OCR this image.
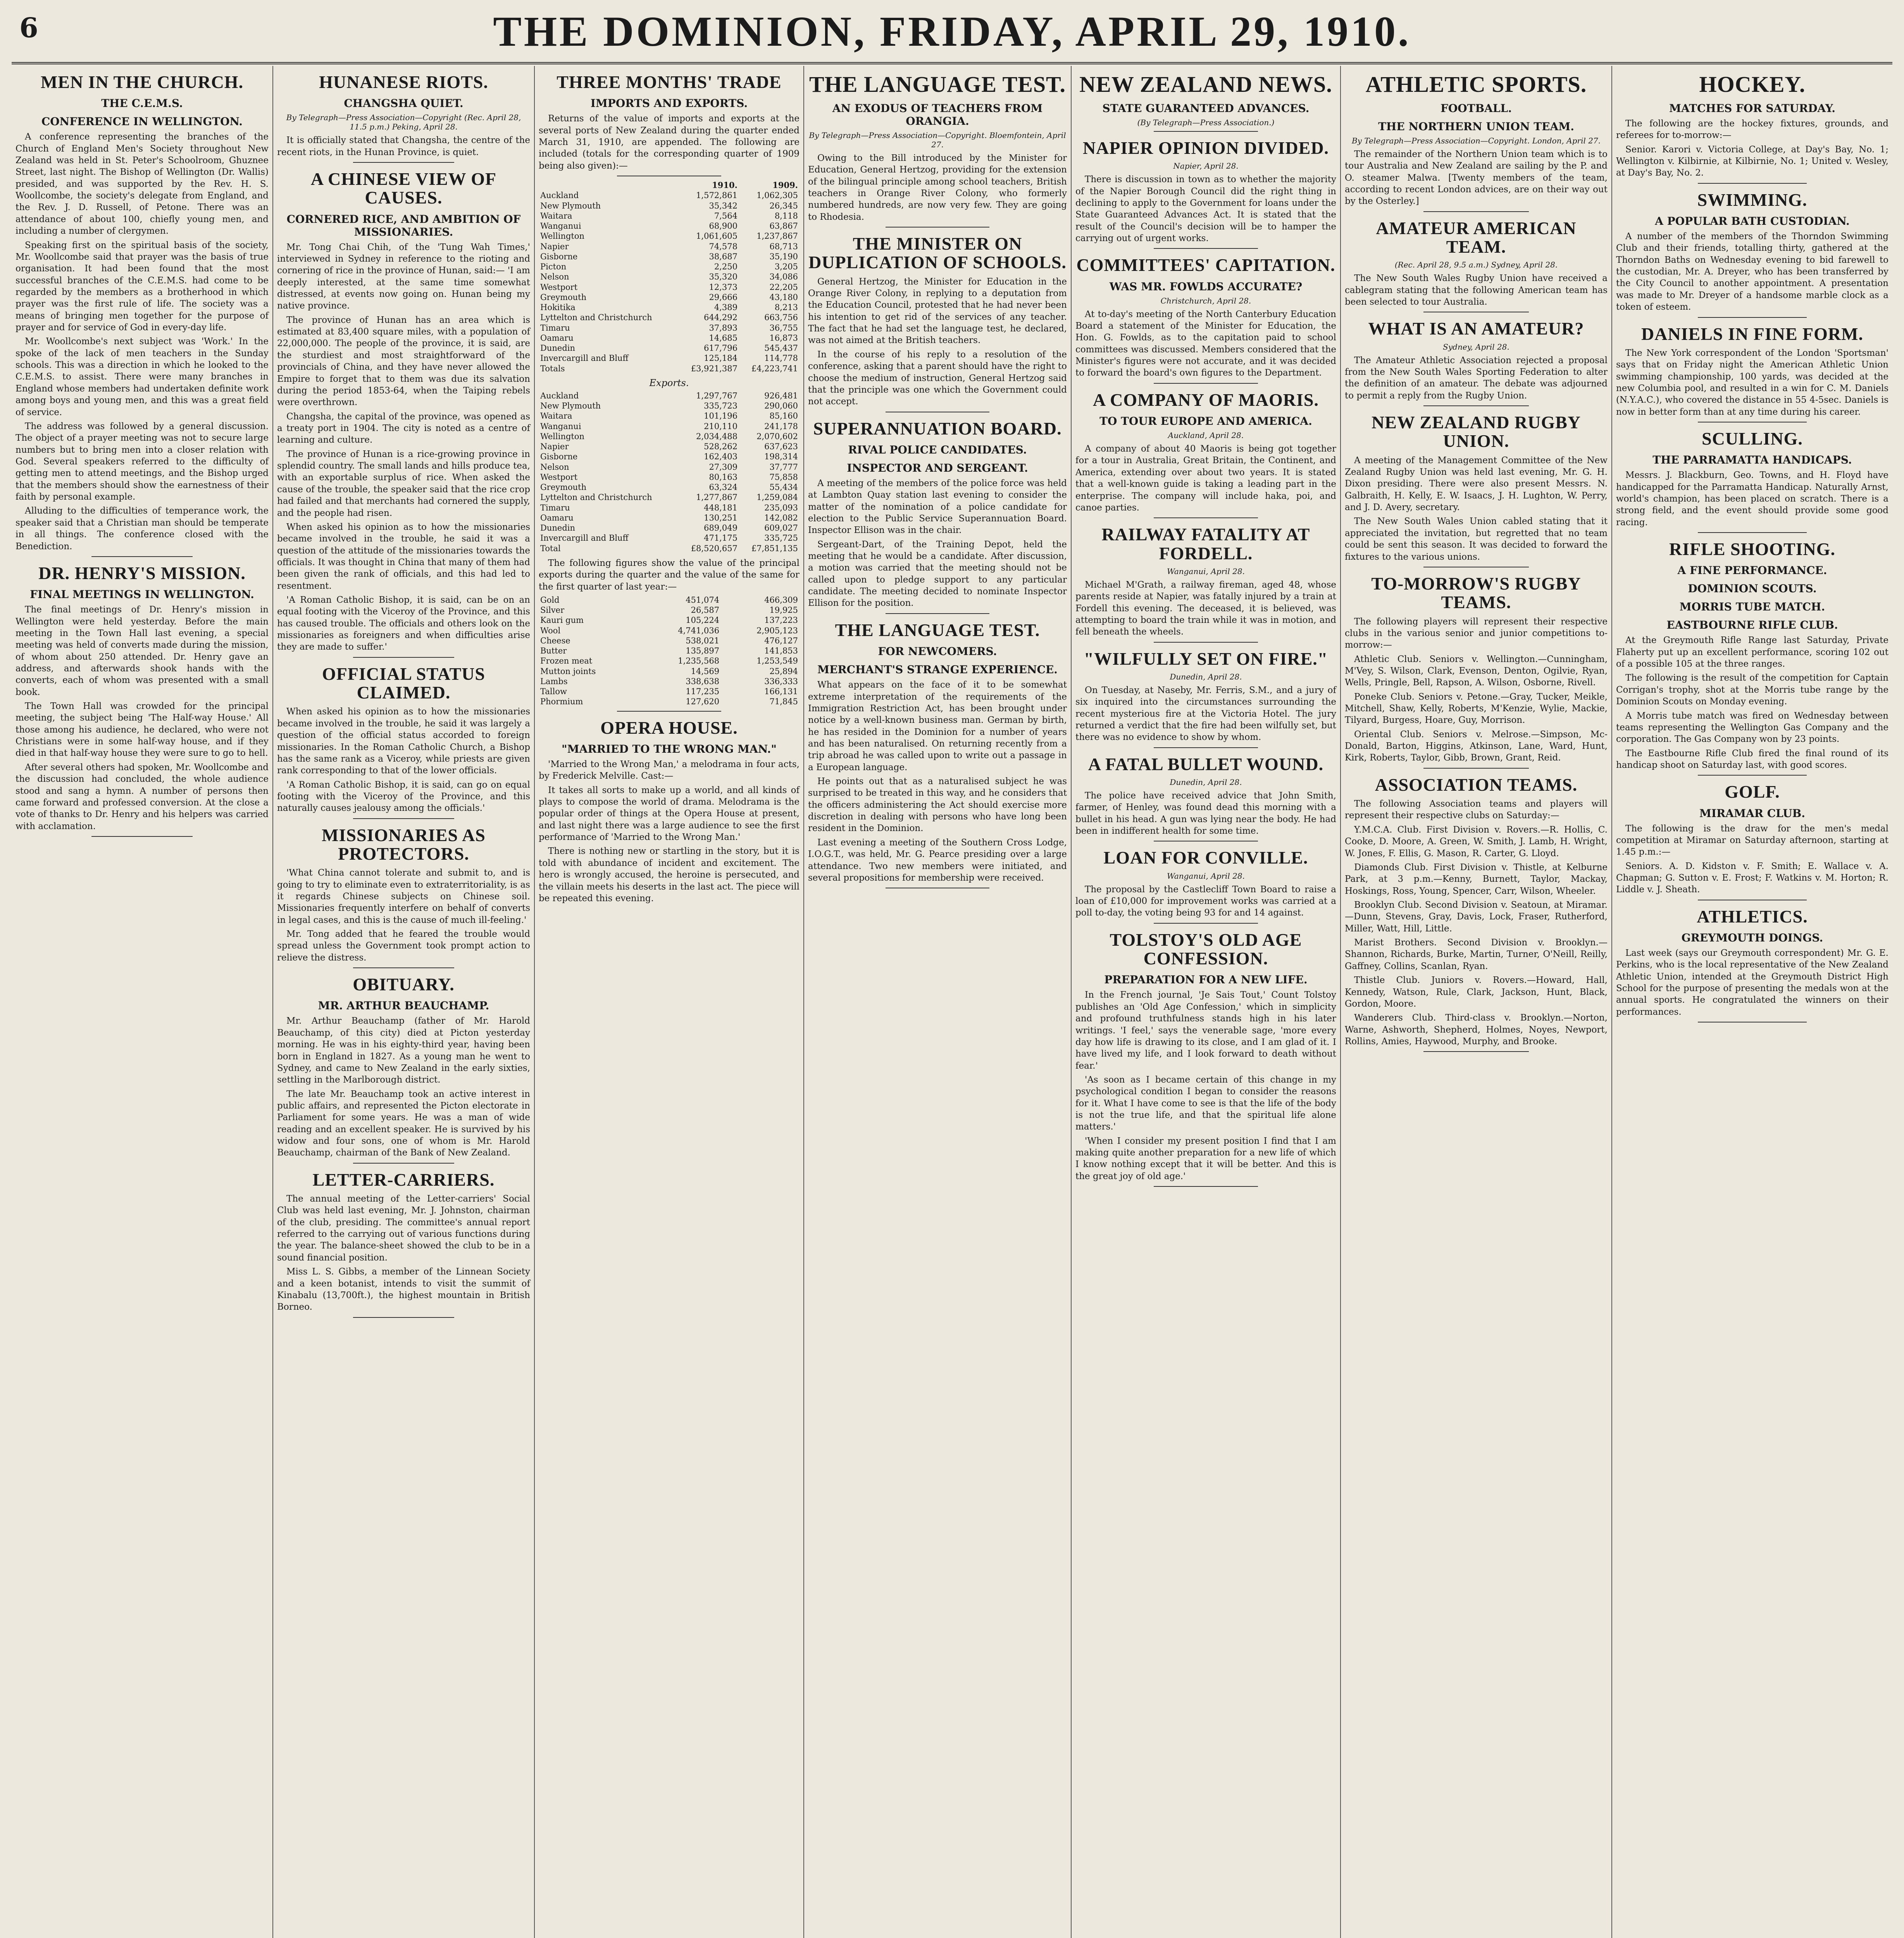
6	THE DOMINION, FRIDAY, APRIL 29, 1910.
MEN IN THE CHURCH.
THE C.E.M.S.
CONFERENCE IN WELLINGTON.

A conference representing the branches of the Church of England Men's Society throughout New Zealand was held in St. Peter's Schoolroom, Ghuznee Street, last night. The Bishop of Wellington (Dr. Wallis) presided, and was supported by the Rev. H. S. Woollcombe, the society's delegate from England, and the Rev. J. D. Russell, of Petone. There was an attendance of about 100, chiefly young men, and including a number of clergymen.

Speaking first on the spiritual basis of the society, Mr. Woollcombe said that prayer was the basis of true organisation. It had been found that the most successful branches of the C.E.M.S. had come to be regarded by the members as a brotherhood in which prayer was the first rule of life. The society was a means of bringing men together for the purpose of prayer and for service of God in every-day life.

Mr. Woollcombe's next subject was 'Work.' In the spoke of the lack of men teachers in the Sunday schools. This was a direction in which he looked to the C.E.M.S. to assist. There were many branches in England whose members had undertaken definite work among boys and young men, and this was a great field of service.

The address was followed by a general discussion. The object of a prayer meeting was not to secure large numbers but to bring men into a closer relation with God. Several speakers referred to the difficulty of getting men to attend meetings, and the Bishop urged that the members should show the earnestness of their faith by personal example.

Alluding to the difficulties of temperance work, the speaker said that a Christian man should be temperate in all things. The conference closed with the Benediction.

DR. HENRY'S MISSION.
FINAL MEETINGS IN WELLINGTON.

The final meetings of Dr. Henry's mission in Wellington were held yesterday. Before the main meeting in the Town Hall last evening, a special meeting was held of converts made during the mission, of whom about 250 attended. Dr. Henry gave an address, and afterwards shook hands with the converts, each of whom was presented with a small book.

The Town Hall was crowded for the principal meeting, the subject being 'The Half-way House.' All those among his audience, he declared, who were not Christians were in some half-way house, and if they died in that half-way house they were sure to go to hell.

After several others had spoken, Mr. Woollcombe and the discussion had concluded, the whole audience stood and sang a hymn. A number of persons then came forward and professed conversion. At the close a vote of thanks to Dr. Henry and his helpers was carried with acclamation.

HUNANESE RIOTS.
CHANGSHA QUIET.
By Telegraph—Press Association—Copyright (Rec. April 28, 11.5 p.m.) Peking, April 28.

It is officially stated that Changsha, the centre of the recent riots, in the Hunan Province, is quiet.

A CHINESE VIEW OF CAUSES.
CORNERED RICE, AND AMBITION OF MISSIONARIES.

Mr. Tong Chai Chih, of the 'Tung Wah Times,' interviewed in Sydney in reference to the rioting and cornering of rice in the province of Hunan, said:— 'I am deeply interested, at the same time somewhat distressed, at events now going on. Hunan being my native province.

The province of Hunan has an area which is estimated at 83,400 square miles, with a population of 22,000,000. The people of the province, it is said, are the sturdiest and most straightforward of the provincials of China, and they have never allowed the Empire to forget that to them was due its salvation during the period 1853-64, when the Taiping rebels were overthrown.

Changsha, the capital of the province, was opened as a treaty port in 1904. The city is noted as a centre of learning and culture.

The province of Hunan is a rice-growing province in splendid country. The small lands and hills produce tea, with an exportable surplus of rice. When asked the cause of the trouble, the speaker said that the rice crop had failed and that merchants had cornered the supply, and the people had risen.

When asked his opinion as to how the missionaries became involved in the trouble, he said it was a question of the attitude of the missionaries towards the officials. It was thought in China that many of them had been given the rank of officials, and this had led to resentment.

'A Roman Catholic Bishop, it is said, can be on an equal footing with the Viceroy of the Province, and this has caused trouble. The officials and others look on the missionaries as foreigners and when difficulties arise they are made to suffer.'

OFFICIAL STATUS CLAIMED.

When asked his opinion as to how the missionaries became involved in the trouble, he said it was largely a question of the official status accorded to foreign missionaries. In the Roman Catholic Church, a Bishop has the same rank as a Viceroy, while priests are given rank corresponding to that of the lower officials.

'A Roman Catholic Bishop, it is said, can go on equal footing with the Viceroy of the Province, and this naturally causes jealousy among the officials.'

MISSIONARIES AS PROTECTORS.

'What China cannot tolerate and submit to, and is going to try to eliminate even to extraterritoriality, is as it regards Chinese subjects on Chinese soil. Missionaries frequently interfere on behalf of converts in legal cases, and this is the cause of much ill-feeling.'

Mr. Tong added that he feared the trouble would spread unless the Government took prompt action to relieve the distress.

OBITUARY.
MR. ARTHUR BEAUCHAMP.

Mr. Arthur Beauchamp (father of Mr. Harold Beauchamp, of this city) died at Picton yesterday morning. He was in his eighty-third year, having been born in England in 1827. As a young man he went to Sydney, and came to New Zealand in the early sixties, settling in the Marlborough district.

The late Mr. Beauchamp took an active interest in public affairs, and represented the Picton electorate in Parliament for some years. He was a man of wide reading and an excellent speaker. He is survived by his widow and four sons, one of whom is Mr. Harold Beauchamp, chairman of the Bank of New Zealand.

LETTER-CARRIERS.

The annual meeting of the Letter-carriers' Social Club was held last evening, Mr. J. Johnston, chairman of the club, presiding. The committee's annual report referred to the carrying out of various functions during the year. The balance-sheet showed the club to be in a sound financial position.

Miss L. S. Gibbs, a member of the Linnean Society and a keen botanist, intends to visit the summit of Kinabalu (13,700ft.), the highest mountain in British Borneo.

THREE MONTHS' TRADE
IMPORTS AND EXPORTS.

Returns of the value of imports and exports at the several ports of New Zealand during the quarter ended March 31, 1910, are appended. The following are included (totals for the corresponding quarter of 1909 being also given):—

	1910.	1909.
Auckland	1,572,861	1,062,305
New Plymouth	35,342	26,345
Waitara	7,564	8,118
Wanganui	68,900	63,867
Wellington	1,061,605	1,237,867
Napier	74,578	68,713
Gisborne	38,687	35,190
Picton	2,250	3,205
Nelson	35,320	34,086
Westport	12,373	22,205
Greymouth	29,666	43,180
Hokitika	4,389	8,213
Lyttelton and Christchurch	644,292	663,756
Timaru	37,893	36,755
Oamaru	14,685	16,873
Dunedin	617,796	545,437
Invercargill and Bluff	125,184	114,778
Totals	£3,921,387	£4,223,741
Exports.
Auckland	1,297,767	926,481
New Plymouth	335,723	290,060
Waitara	101,196	85,160
Wanganui	210,110	241,178
Wellington	2,034,488	2,070,602
Napier	528,262	637,623
Gisborne	162,403	198,314
Nelson	27,309	37,777
Westport	80,163	75,858
Greymouth	63,324	55,434
Lyttelton and Christchurch	1,277,867	1,259,084
Timaru	448,181	235,093
Oamaru	130,251	142,082
Dunedin	689,049	609,027
Invercargill and Bluff	471,175	335,725
Total	£8,520,657	£7,851,135

The following figures show the value of the principal exports during the quarter and the value of the same for the first quarter of last year:—

Gold	451,074	466,309
Silver	26,587	19,925
Kauri gum	105,224	137,223
Wool	4,741,036	2,905,123
Cheese	538,021	476,127
Butter	135,897	141,853
Frozen meat	1,235,568	1,253,549
Mutton joints	14,569	25,894
Lambs	338,638	336,333
Tallow	117,235	166,131
Phormium	127,620	71,845
OPERA HOUSE.
"MARRIED TO THE WRONG MAN."

'Married to the Wrong Man,' a melodrama in four acts, by Frederick Melville. Cast:—

It takes all sorts to make up a world, and all kinds of plays to compose the world of drama. Melodrama is the popular order of things at the Opera House at present, and last night there was a large audience to see the first performance of 'Married to the Wrong Man.'

There is nothing new or startling in the story, but it is told with abundance of incident and excitement. The hero is wrongly accused, the heroine is persecuted, and the villain meets his deserts in the last act. The piece will be repeated this evening.

THE LANGUAGE TEST.
AN EXODUS OF TEACHERS FROM ORANGIA.
By Telegraph—Press Association—Copyright. Bloemfontein, April 27.

Owing to the Bill introduced by the Minister for Education, General Hertzog, providing for the extension of the bilingual principle among school teachers, British teachers in Orange River Colony, who formerly numbered hundreds, are now very few. They are going to Rhodesia.

THE MINISTER ON DUPLICATION OF SCHOOLS.

General Hertzog, the Minister for Education in the Orange River Colony, in replying to a deputation from the Education Council, protested that he had never been his intention to get rid of the services of any teacher. The fact that he had set the language test, he declared, was not aimed at the British teachers.

In the course of his reply to a resolution of the conference, asking that a parent should have the right to choose the medium of instruction, General Hertzog said that the principle was one which the Government could not accept.

SUPERANNUATION BOARD.
RIVAL POLICE CANDIDATES.
INSPECTOR AND SERGEANT.

A meeting of the members of the police force was held at Lambton Quay station last evening to consider the matter of the nomination of a police candidate for election to the Public Service Superannuation Board. Inspector Ellison was in the chair.

Sergeant-Dart, of the Training Depot, held the meeting that he would be a candidate. After discussion, a motion was carried that the meeting should not be called upon to pledge support to any particular candidate. The meeting decided to nominate Inspector Ellison for the position.

THE LANGUAGE TEST.
FOR NEWCOMERS.
MERCHANT'S STRANGE EXPERIENCE.

What appears on the face of it to be somewhat extreme interpretation of the requirements of the Immigration Restriction Act, has been brought under notice by a well-known business man. German by birth, he has resided in the Dominion for a number of years and has been naturalised. On returning recently from a trip abroad he was called upon to write out a passage in a European language.

He points out that as a naturalised subject he was surprised to be treated in this way, and he considers that the officers administering the Act should exercise more discretion in dealing with persons who have long been resident in the Dominion.

Last evening a meeting of the Southern Cross Lodge, I.O.G.T., was held, Mr. G. Pearce presiding over a large attendance. Two new members were initiated, and several propositions for membership were received.

NEW ZEALAND NEWS.
STATE GUARANTEED ADVANCES.
(By Telegraph—Press Association.)
NAPIER OPINION DIVIDED.
Napier, April 28.

There is discussion in town as to whether the majority of the Napier Borough Council did the right thing in declining to apply to the Government for loans under the State Guaranteed Advances Act. It is stated that the result of the Council's decision will be to hamper the carrying out of urgent works.

COMMITTEES' CAPITATION.
WAS MR. FOWLDS ACCURATE?
Christchurch, April 28.

At to-day's meeting of the North Canterbury Education Board a statement of the Minister for Education, the Hon. G. Fowlds, as to the capitation paid to school committees was discussed. Members considered that the Minister's figures were not accurate, and it was decided to forward the board's own figures to the Department.

A COMPANY OF MAORIS.
TO TOUR EUROPE AND AMERICA.
Auckland, April 28.

A company of about 40 Maoris is being got together for a tour in Australia, Great Britain, the Continent, and America, extending over about two years. It is stated that a well-known guide is taking a leading part in the enterprise. The company will include haka, poi, and canoe parties.

RAILWAY FATALITY AT FORDELL.
Wanganui, April 28.

Michael M'Grath, a railway fireman, aged 48, whose parents reside at Napier, was fatally injured by a train at Fordell this evening. The deceased, it is believed, was attempting to board the train while it was in motion, and fell beneath the wheels.

"WILFULLY SET ON FIRE."
Dunedin, April 28.

On Tuesday, at Naseby, Mr. Ferris, S.M., and a jury of six inquired into the circumstances surrounding the recent mysterious fire at the Victoria Hotel. The jury returned a verdict that the fire had been wilfully set, but there was no evidence to show by whom.

A FATAL BULLET WOUND.
Dunedin, April 28.

The police have received advice that John Smith, farmer, of Henley, was found dead this morning with a bullet in his head. A gun was lying near the body. He had been in indifferent health for some time.

LOAN FOR CONVILLE.
Wanganui, April 28.

The proposal by the Castlecliff Town Board to raise a loan of £10,000 for improvement works was carried at a poll to-day, the voting being 93 for and 14 against.

TOLSTOY'S OLD AGE CONFESSION.
PREPARATION FOR A NEW LIFE.

In the French journal, 'Je Sais Tout,' Count Tolstoy publishes an 'Old Age Confession,' which in simplicity and profound truthfulness stands high in his later writings. 'I feel,' says the venerable sage, 'more every day how life is drawing to its close, and I am glad of it. I have lived my life, and I look forward to death without fear.'

'As soon as I became certain of this change in my psychological condition I began to consider the reasons for it. What I have come to see is that the life of the body is not the true life, and that the spiritual life alone matters.'

'When I consider my present position I find that I am making quite another preparation for a new life of which I know nothing except that it will be better. And this is the great joy of old age.'

ATHLETIC SPORTS.
FOOTBALL.
THE NORTHERN UNION TEAM.
By Telegraph—Press Association—Copyright. London, April 27.

The remainder of the Northern Union team which is to tour Australia and New Zealand are sailing by the P. and O. steamer Malwa. [Twenty members of the team, according to recent London advices, are on their way out by the Osterley.]

AMATEUR AMERICAN TEAM.
(Rec. April 28, 9.5 a.m.) Sydney, April 28.

The New South Wales Rugby Union have received a cablegram stating that the following American team has been selected to tour Australia.

WHAT IS AN AMATEUR?
Sydney, April 28.

The Amateur Athletic Association rejected a proposal from the New South Wales Sporting Federation to alter the definition of an amateur. The debate was adjourned to permit a reply from the Rugby Union.

NEW ZEALAND RUGBY UNION.

A meeting of the Management Committee of the New Zealand Rugby Union was held last evening, Mr. G. H. Dixon presiding. There were also present Messrs. N. Galbraith, H. Kelly, E. W. Isaacs, J. H. Lughton, W. Perry, and J. D. Avery, secretary.

The New South Wales Union cabled stating that it appreciated the invitation, but regretted that no team could be sent this season. It was decided to forward the fixtures to the various unions.

TO-MORROW'S RUGBY TEAMS.

The following players will represent their respective clubs in the various senior and junior competitions to-morrow:—

Athletic Club. Seniors v. Wellington.—Cunningham, M'Vey, S. Wilson, Clark, Evenson, Denton, Ogilvie, Ryan, Wells, Pringle, Bell, Rapson, A. Wilson, Osborne, Rivell.

Poneke Club. Seniors v. Petone.—Gray, Tucker, Meikle, Mitchell, Shaw, Kelly, Roberts, M'Kenzie, Wylie, Mackie, Tilyard, Burgess, Hoare, Guy, Morrison.

Oriental Club. Seniors v. Melrose.—Simpson, Mc-Donald, Barton, Higgins, Atkinson, Lane, Ward, Hunt, Kirk, Roberts, Taylor, Gibb, Brown, Grant, Reid.

ASSOCIATION TEAMS.

The following Association teams and players will represent their respective clubs on Saturday:—

Y.M.C.A. Club. First Division v. Rovers.—R. Hollis, C. Cooke, D. Moore, A. Green, W. Smith, J. Lamb, H. Wright, W. Jones, F. Ellis, G. Mason, R. Carter, G. Lloyd.

Diamonds Club. First Division v. Thistle, at Kelburne Park, at 3 p.m.—Kenny, Burnett, Taylor, Mackay, Hoskings, Ross, Young, Spencer, Carr, Wilson, Wheeler.

Brooklyn Club. Second Division v. Seatoun, at Miramar.—Dunn, Stevens, Gray, Davis, Lock, Fraser, Rutherford, Miller, Watt, Hill, Little.

Marist Brothers. Second Division v. Brooklyn.—Shannon, Richards, Burke, Martin, Turner, O'Neill, Reilly, Gaffney, Collins, Scanlan, Ryan.

Thistle Club. Juniors v. Rovers.—Howard, Hall, Kennedy, Watson, Rule, Clark, Jackson, Hunt, Black, Gordon, Moore.

Wanderers Club. Third-class v. Brooklyn.—Norton, Warne, Ashworth, Shepherd, Holmes, Noyes, Newport, Rollins, Amies, Haywood, Murphy, and Brooke.

HOCKEY.
MATCHES FOR SATURDAY.

The following are the hockey fixtures, grounds, and referees for to-morrow:—

Senior. Karori v. Victoria College, at Day's Bay, No. 1; Wellington v. Kilbirnie, at Kilbirnie, No. 1; United v. Wesley, at Day's Bay, No. 2.

SWIMMING.
A POPULAR BATH CUSTODIAN.

A number of the members of the Thorndon Swimming Club and their friends, totalling thirty, gathered at the Thorndon Baths on Wednesday evening to bid farewell to the custodian, Mr. A. Dreyer, who has been transferred by the City Council to another appointment. A presentation was made to Mr. Dreyer of a handsome marble clock as a token of esteem.

DANIELS IN FINE FORM.

The New York correspondent of the London 'Sportsman' says that on Friday night the American Athletic Union swimming championship, 100 yards, was decided at the new Columbia pool, and resulted in a win for C. M. Daniels (N.Y.A.C.), who covered the distance in 55 4-5sec. Daniels is now in better form than at any time during his career.

SCULLING.
THE PARRAMATTA HANDICAPS.

Messrs. J. Blackburn, Geo. Towns, and H. Floyd have handicapped for the Parramatta Handicap. Naturally Arnst, world's champion, has been placed on scratch. There is a strong field, and the event should provide some good racing.

RIFLE SHOOTING.
A FINE PERFORMANCE.
DOMINION SCOUTS.
MORRIS TUBE MATCH.
EASTBOURNE RIFLE CLUB.

At the Greymouth Rifle Range last Saturday, Private Flaherty put up an excellent performance, scoring 102 out of a possible 105 at the three ranges.

The following is the result of the competition for Captain Corrigan's trophy, shot at the Morris tube range by the Dominion Scouts on Monday evening.

A Morris tube match was fired on Wednesday between teams representing the Wellington Gas Company and the corporation. The Gas Company won by 23 points.

The Eastbourne Rifle Club fired the final round of its handicap shoot on Saturday last, with good scores.

GOLF.
MIRAMAR CLUB.

The following is the draw for the men's medal competition at Miramar on Saturday afternoon, starting at 1.45 p.m.:—

Seniors. A. D. Kidston v. F. Smith; E. Wallace v. A. Chapman; G. Sutton v. E. Frost; F. Watkins v. M. Horton; R. Liddle v. J. Sheath.

ATHLETICS.
GREYMOUTH DOINGS.

Last week (says our Greymouth correspondent) Mr. G. E. Perkins, who is the local representative of the New Zealand Athletic Union, intended at the Greymouth District High School for the purpose of presenting the medals won at the annual sports. He congratulated the winners on their performances.
